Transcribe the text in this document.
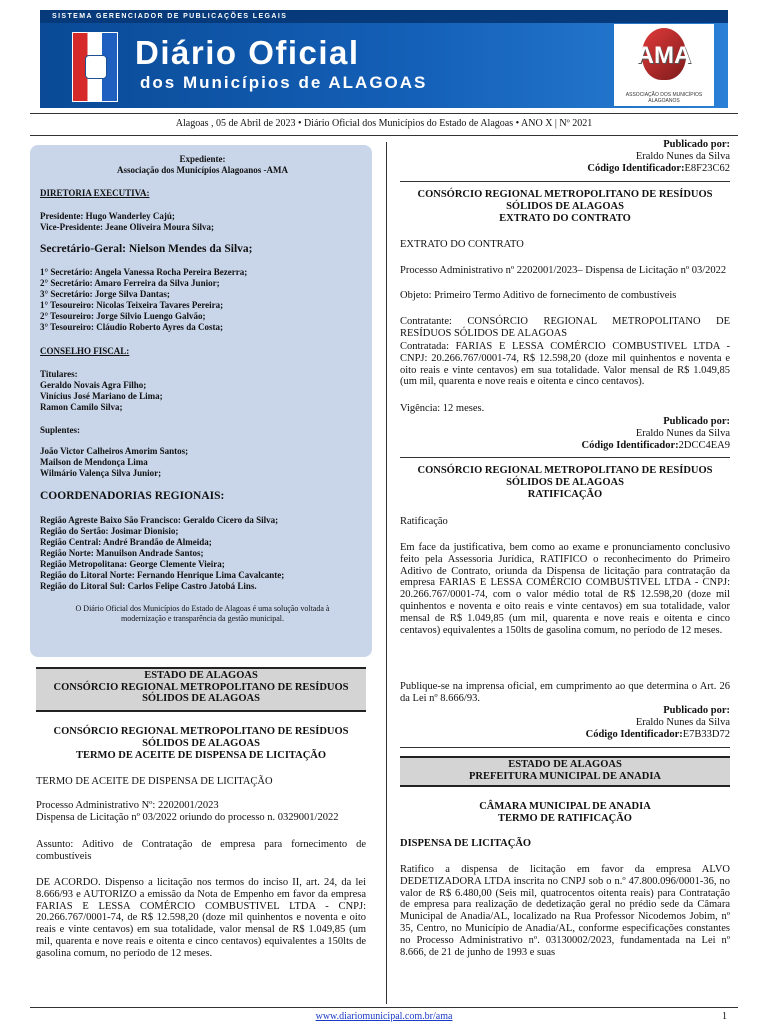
SISTEMA GERENCIADOR DE PUBLICAÇÕES LEGAIS
Diário Oficial
dos Municípios de ALAGOAS
AMA
ASSOCIAÇÃO DOS MUNICÍPIOS ALAGOANOS
Alagoas , 05 de Abril de 2023 • Diário Oficial dos Municípios do Estado de Alagoas • ANO X | Nº 2021
Expediente:
Associação dos Municípios Alagoanos -AMA
DIRETORIA EXECUTIVA:
Presidente: Hugo Wanderley Cajú;
Vice-Presidente: Jeane Oliveira Moura Silva;
Secretário-Geral: Nielson Mendes da Silva;
1° Secretário: Angela Vanessa Rocha Pereira Bezerra;
2° Secretário: Amaro Ferreira da Silva Junior;
3° Secretário: Jorge Silva Dantas;
1° Tesoureiro: Nicolas Teixeira Tavares Pereira;
2° Tesoureiro: Jorge Silvio Luengo Galvão;
3° Tesoureiro: Cláudio Roberto Ayres da Costa;
CONSELHO FISCAL:
Titulares:
Geraldo Novais Agra Filho;
Vinícius José Mariano de Lima;
Ramon Camilo Silva;
Suplentes:
João Victor Calheiros Amorim Santos;
Mailson de Mendonça Lima
Wilmário Valença Silva Junior;
COORDENADORIAS REGIONAIS:
Região Agreste Baixo São Francisco: Geraldo Cicero da Silva;
Região do Sertão: Josimar Dionisio;
Região Central: André Brandão de Almeida;
Região Norte: Manuilson Andrade Santos;
Região Metropolitana: George Clemente Vieira;
Região do Litoral Norte: Fernando Henrique Lima Cavalcante;
Região do Litoral Sul: Carlos Felipe Castro Jatobá Lins.
O Diário Oficial dos Municípios do Estado de Alagoas é uma solução voltada à
modernização e transparência da gestão municipal.
ESTADO DE ALAGOAS
CONSÓRCIO REGIONAL METROPOLITANO DE RESÍDUOS
SÓLIDOS DE ALAGOAS
CONSÓRCIO REGIONAL METROPOLITANO DE RESÍDUOS
SÓLIDOS DE ALAGOAS
TERMO DE ACEITE DE DISPENSA DE LICITAÇÃO
TERMO DE ACEITE DE DISPENSA DE LICITAÇÃO
Processo Administrativo Nº: 2202001/2023
Dispensa de Licitação nº 03/2022 oriundo do processo n. 0329001/2022
Assunto: Aditivo de Contratação de empresa para fornecimento de combustíveis
DE ACORDO. Dispenso a licitação nos termos do inciso II, art. 24, da lei 8.666/93 e AUTORIZO a emissão da Nota de Empenho em favor da empresa FARIAS E LESSA COMÉRCIO COMBUSTIVEL LTDA - CNPJ: 20.266.767/0001-74, de R$ 12.598,20 (doze mil quinhentos e noventa e oito reais e vinte centavos) em sua totalidade, valor mensal de R$ 1.049,85 (um mil, quarenta e nove reais e oitenta e cinco centavos) equivalentes a 150lts de gasolina comum, no período de 12 meses.
Publicado por:
Eraldo Nunes da Silva
Código Identificador:E8F23C62
CONSÓRCIO REGIONAL METROPOLITANO DE RESÍDUOS
SÓLIDOS DE ALAGOAS
EXTRATO DO CONTRATO
EXTRATO DO CONTRATO
Processo Administrativo nº 2202001/2023– Dispensa de Licitação nº 03/2022
Objeto: Primeiro Termo Aditivo de fornecimento de combustíveis
Contratante: CONSÓRCIO REGIONAL METROPOLITANO DE RESÍDUOS SÓLIDOS DE ALAGOAS
Contratada: FARIAS E LESSA COMÉRCIO COMBUSTIVEL LTDA - CNPJ: 20.266.767/0001-74, R$ 12.598,20 (doze mil quinhentos e noventa e oito reais e vinte centavos) em sua totalidade. Valor mensal de R$ 1.049,85 (um mil, quarenta e nove reais e oitenta e cinco centavos).
Vigência: 12 meses.
Publicado por:
Eraldo Nunes da Silva
Código Identificador:2DCC4EA9
CONSÓRCIO REGIONAL METROPOLITANO DE RESÍDUOS
SÓLIDOS DE ALAGOAS
RATIFICAÇÃO
Ratificação
Em face da justificativa, bem como ao exame e pronunciamento conclusivo feito pela Assessoria Jurídica, RATIFICO o reconhecimento do Primeiro Aditivo de Contrato, oriunda da Dispensa de licitação para contratação da empresa FARIAS E LESSA COMÉRCIO COMBUSTIVEL LTDA - CNPJ: 20.266.767/0001-74, com o valor médio total de R$ 12.598,20 (doze mil quinhentos e noventa e oito reais e vinte centavos) em sua totalidade, valor mensal de R$ 1.049,85 (um mil, quarenta e nove reais e oitenta e cinco centavos) equivalentes a 150lts de gasolina comum, no período de 12 meses.
Publique-se na imprensa oficial, em cumprimento ao que determina o Art. 26 da Lei nº 8.666/93.
Publicado por:
Eraldo Nunes da Silva
Código Identificador:E7B33D72
ESTADO DE ALAGOAS
PREFEITURA MUNICIPAL DE ANADIA
CÂMARA MUNICIPAL DE ANADIA
TERMO DE RATIFICAÇÃO
DISPENSA DE LICITAÇÃO
Ratifico a dispensa de licitação em favor da empresa ALVO DEDETIZADORA LTDA inscrita no CNPJ sob o n.º 47.800.096/0001-36, no valor de R$ 6.480,00 (Seis mil, quatrocentos oitenta reais) para Contratação de empresa para realização de dedetização geral no prédio sede da Câmara Municipal de Anadia/AL, localizado na Rua Professor Nicodemos Jobim, nº 35, Centro, no Município de Anadia/AL, conforme especificações constantes no Processo Administrativo nº. 03130002/2023, fundamentada na Lei nº 8.666, de 21 de junho de 1993 e suas
www.diariomunicipal.com.br/ama	1
